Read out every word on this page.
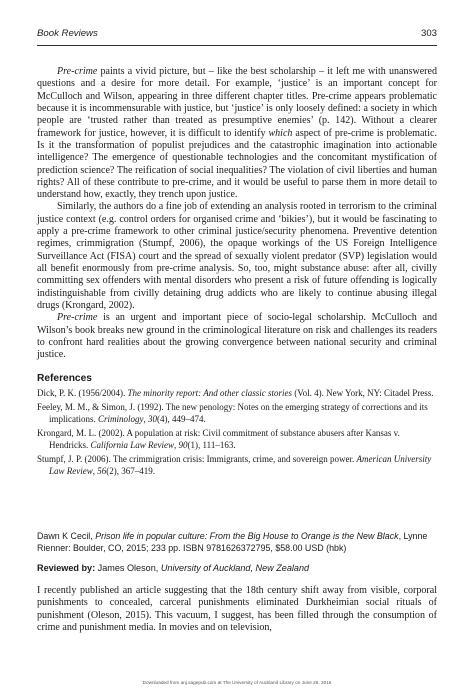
Book Reviews	303

Pre-crime paints a vivid picture, but – like the best scholarship – it left me with unanswered questions and a desire for more detail. For example, ‘justice’ is an important concept for McCulloch and Wilson, appearing in three different chapter titles. Pre-crime appears problematic because it is incommensurable with justice, but ‘justice’ is only loosely defined: a society in which people are ‘trusted rather than treated as presumptive enemies’ (p. 142). Without a clearer framework for justice, however, it is difficult to identify which aspect of pre-crime is problematic. Is it the transformation of populist prejudices and the catastrophic imagination into actionable intelligence? The emergence of questionable technologies and the concomitant mystification of prediction science? The reification of social inequalities? The violation of civil liberties and human rights? All of these contribute to pre-crime, and it would be useful to parse them in more detail to understand how, exactly, they trench upon justice.

Similarly, the authors do a fine job of extending an analysis rooted in terrorism to the criminal justice context (e.g. control orders for organised crime and ‘bikies’), but it would be fascinating to apply a pre-crime framework to other criminal justice/security phenomena. Preventive detention regimes, crimmigration (Stumpf, 2006), the opaque workings of the US Foreign Intelligence Surveillance Act (FISA) court and the spread of sexually violent predator (SVP) legislation would all benefit enormously from pre-crime analysis. So, too, might substance abuse: after all, civilly committing sex offenders with mental disorders who present a risk of future offending is logically indistinguishable from civilly detaining drug addicts who are likely to continue abusing illegal drugs (Krongard, 2002).

Pre-crime is an urgent and important piece of socio-legal scholarship. McCulloch and Wilson’s book breaks new ground in the criminological literature on risk and challenges its readers to confront hard realities about the growing convergence between national security and criminal justice.

References
Dick, P. K. (1956/2004). The minority report: And other classic stories (Vol. 4). New York, NY: Citadel Press.
Feeley, M. M., & Simon, J. (1992). The new penology: Notes on the emerging strategy of corrections and its implications. Criminology, 30(4), 449–474.
Krongard, M. L. (2002). A population at risk: Civil commitment of substance abusers after Kansas v. Hendricks. California Law Review, 90(1), 111–163.
Stumpf, J. P. (2006). The crimmigration crisis: Immigrants, crime, and sovereign power. American University Law Review, 56(2), 367–419.
Dawn K Cecil, Prison life in popular culture: From the Big House to Orange is the New Black, Lynne Rienner: Boulder, CO, 2015; 233 pp. ISBN 9781626372795, $58.00 USD (hbk)
Reviewed by: James Oleson, University of Auckland, New Zealand

I recently published an article suggesting that the 18th century shift away from visible, corporal punishments to concealed, carceral punishments eliminated Durkheimian social rituals of punishment (Oleson, 2015). This vacuum, I suggest, has been filled through the consumption of crime and punishment media. In movies and on television,

Downloaded from anj.sagepub.com at The University of Auckland Library on June 26, 2016
